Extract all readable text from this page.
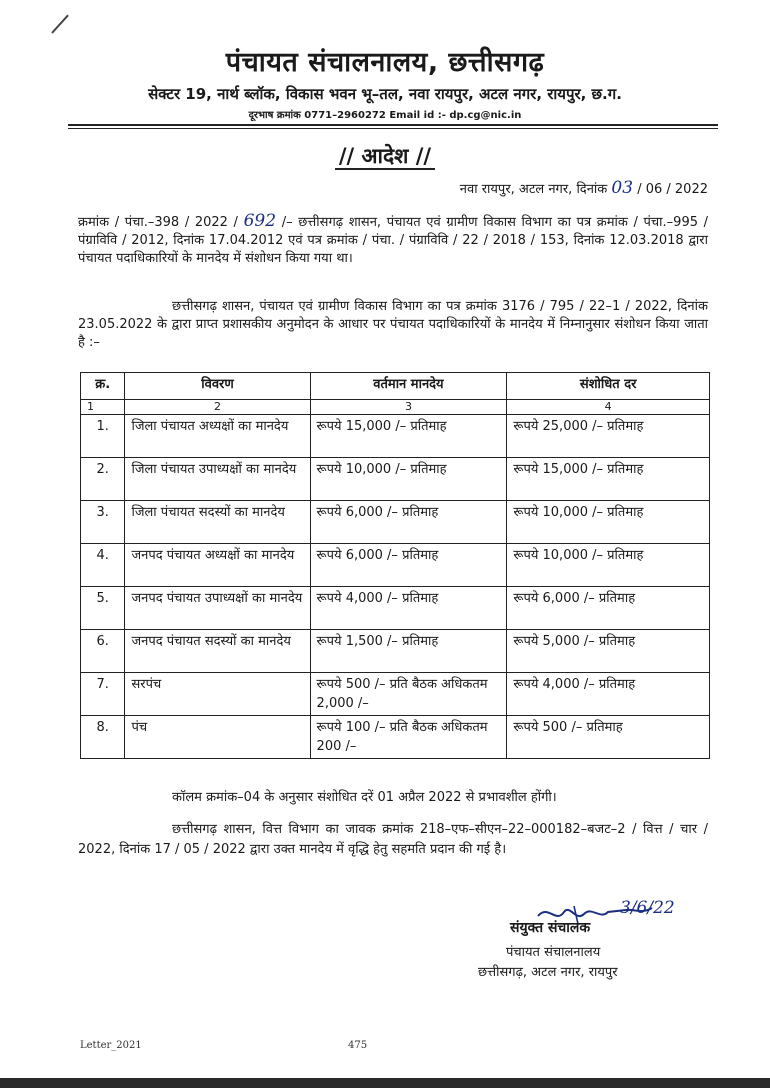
पंचायत संचालनालय, छत्तीसगढ़
सेक्टर 19, नार्थ ब्लॉक, विकास भवन भू–तल, नवा रायपुर, अटल नगर, रायपुर, छ.ग.
दूरभाष क्रमांक 0771–2960272 Email id :- dp.cg@nic.in
// आदेश //
नवा रायपुर, अटल नगर, दिनांक 03 / 06 / 2022
क्रमांक / पंचा.–398 / 2022 / 692 /– छत्तीसगढ़ शासन, पंचायत एवं ग्रामीण विकास विभाग का पत्र क्रमांक / पंचा.–995 / पंग्राविवि / 2012, दिनांक 17.04.2012 एवं पत्र क्रमांक / पंचा. / पंग्राविवि / 22 / 2018 / 153, दिनांक 12.03.2018 द्वारा पंचायत पदाधिकारियों के मानदेय में संशोधन किया गया था।
छत्तीसगढ़ शासन, पंचायत एवं ग्रामीण विकास विभाग का पत्र क्रमांक 3176 / 795 / 22–1 / 2022, दिनांक 23.05.2022 के द्वारा प्राप्त प्रशासकीय अनुमोदन के आधार पर पंचायत पदाधिकारियों के मानदेय में निम्नानुसार संशोधन किया जाता है :–
क्र.	विवरण	वर्तमान मानदेय	संशोधित दर
1	2	3	4
1.	जिला पंचायत अध्यक्षों का मानदेय	रूपये 15,000 /– प्रतिमाह	रूपये 25,000 /– प्रतिमाह
2.	जिला पंचायत उपाध्यक्षों का मानदेय	रूपये 10,000 /– प्रतिमाह	रूपये 15,000 /– प्रतिमाह
3.	जिला पंचायत सदस्यों का मानदेय	रूपये 6,000 /– प्रतिमाह	रूपये 10,000 /– प्रतिमाह
4.	जनपद पंचायत अध्यक्षों का मानदेय	रूपये 6,000 /– प्रतिमाह	रूपये 10,000 /– प्रतिमाह
5.	जनपद पंचायत उपाध्यक्षों का मानदेय	रूपये 4,000 /– प्रतिमाह	रूपये 6,000 /– प्रतिमाह
6.	जनपद पंचायत सदस्यों का मानदेय	रूपये 1,500 /– प्रतिमाह	रूपये 5,000 /– प्रतिमाह
7.	सरपंच	रूपये 500 /– प्रति बैठक अधिकतम 2,000 /–	रूपये 4,000 /– प्रतिमाह
8.	पंच	रूपये 100 /– प्रति बैठक अधिकतम 200 /–	रूपये 500 /– प्रतिमाह
कॉलम क्रमांक–04 के अनुसार संशोधित दरें 01 अप्रैल 2022 से प्रभावशील होंगी।
छत्तीसगढ़ शासन, वित्त विभाग का जावक क्रमांक 218–एफ–सीएन–22–000182–बजट–2 / वित्त / चार / 2022, दिनांक 17 / 05 / 2022 द्वारा उक्त मानदेय में वृद्धि हेतु सहमति प्रदान की गई है।
3/6/22
संयुक्त संचालक
पंचायत संचालनालय
छत्तीसगढ़, अटल नगर, रायपुर
Letter_2021	475
